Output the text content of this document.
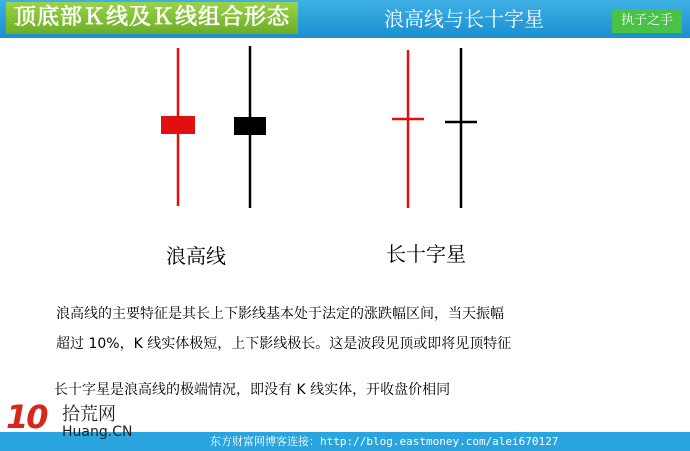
顶底部Ｋ线及Ｋ线组合形态	浪高线与长十字星	执子之手
浪高线	长十字星
浪高线的主要特征是其长上下影线基本处于法定的涨跌幅区间，当天振幅
超过 10%，K 线实体极短，上下影线极长。这是波段见顶或即将见顶特征
长十字星是浪高线的极端情况，即没有 K 线实体，开收盘价相同
东方财富网博客连接：http://blog.eastmoney.com/alei670127
10 拾荒网
Huang.CN
